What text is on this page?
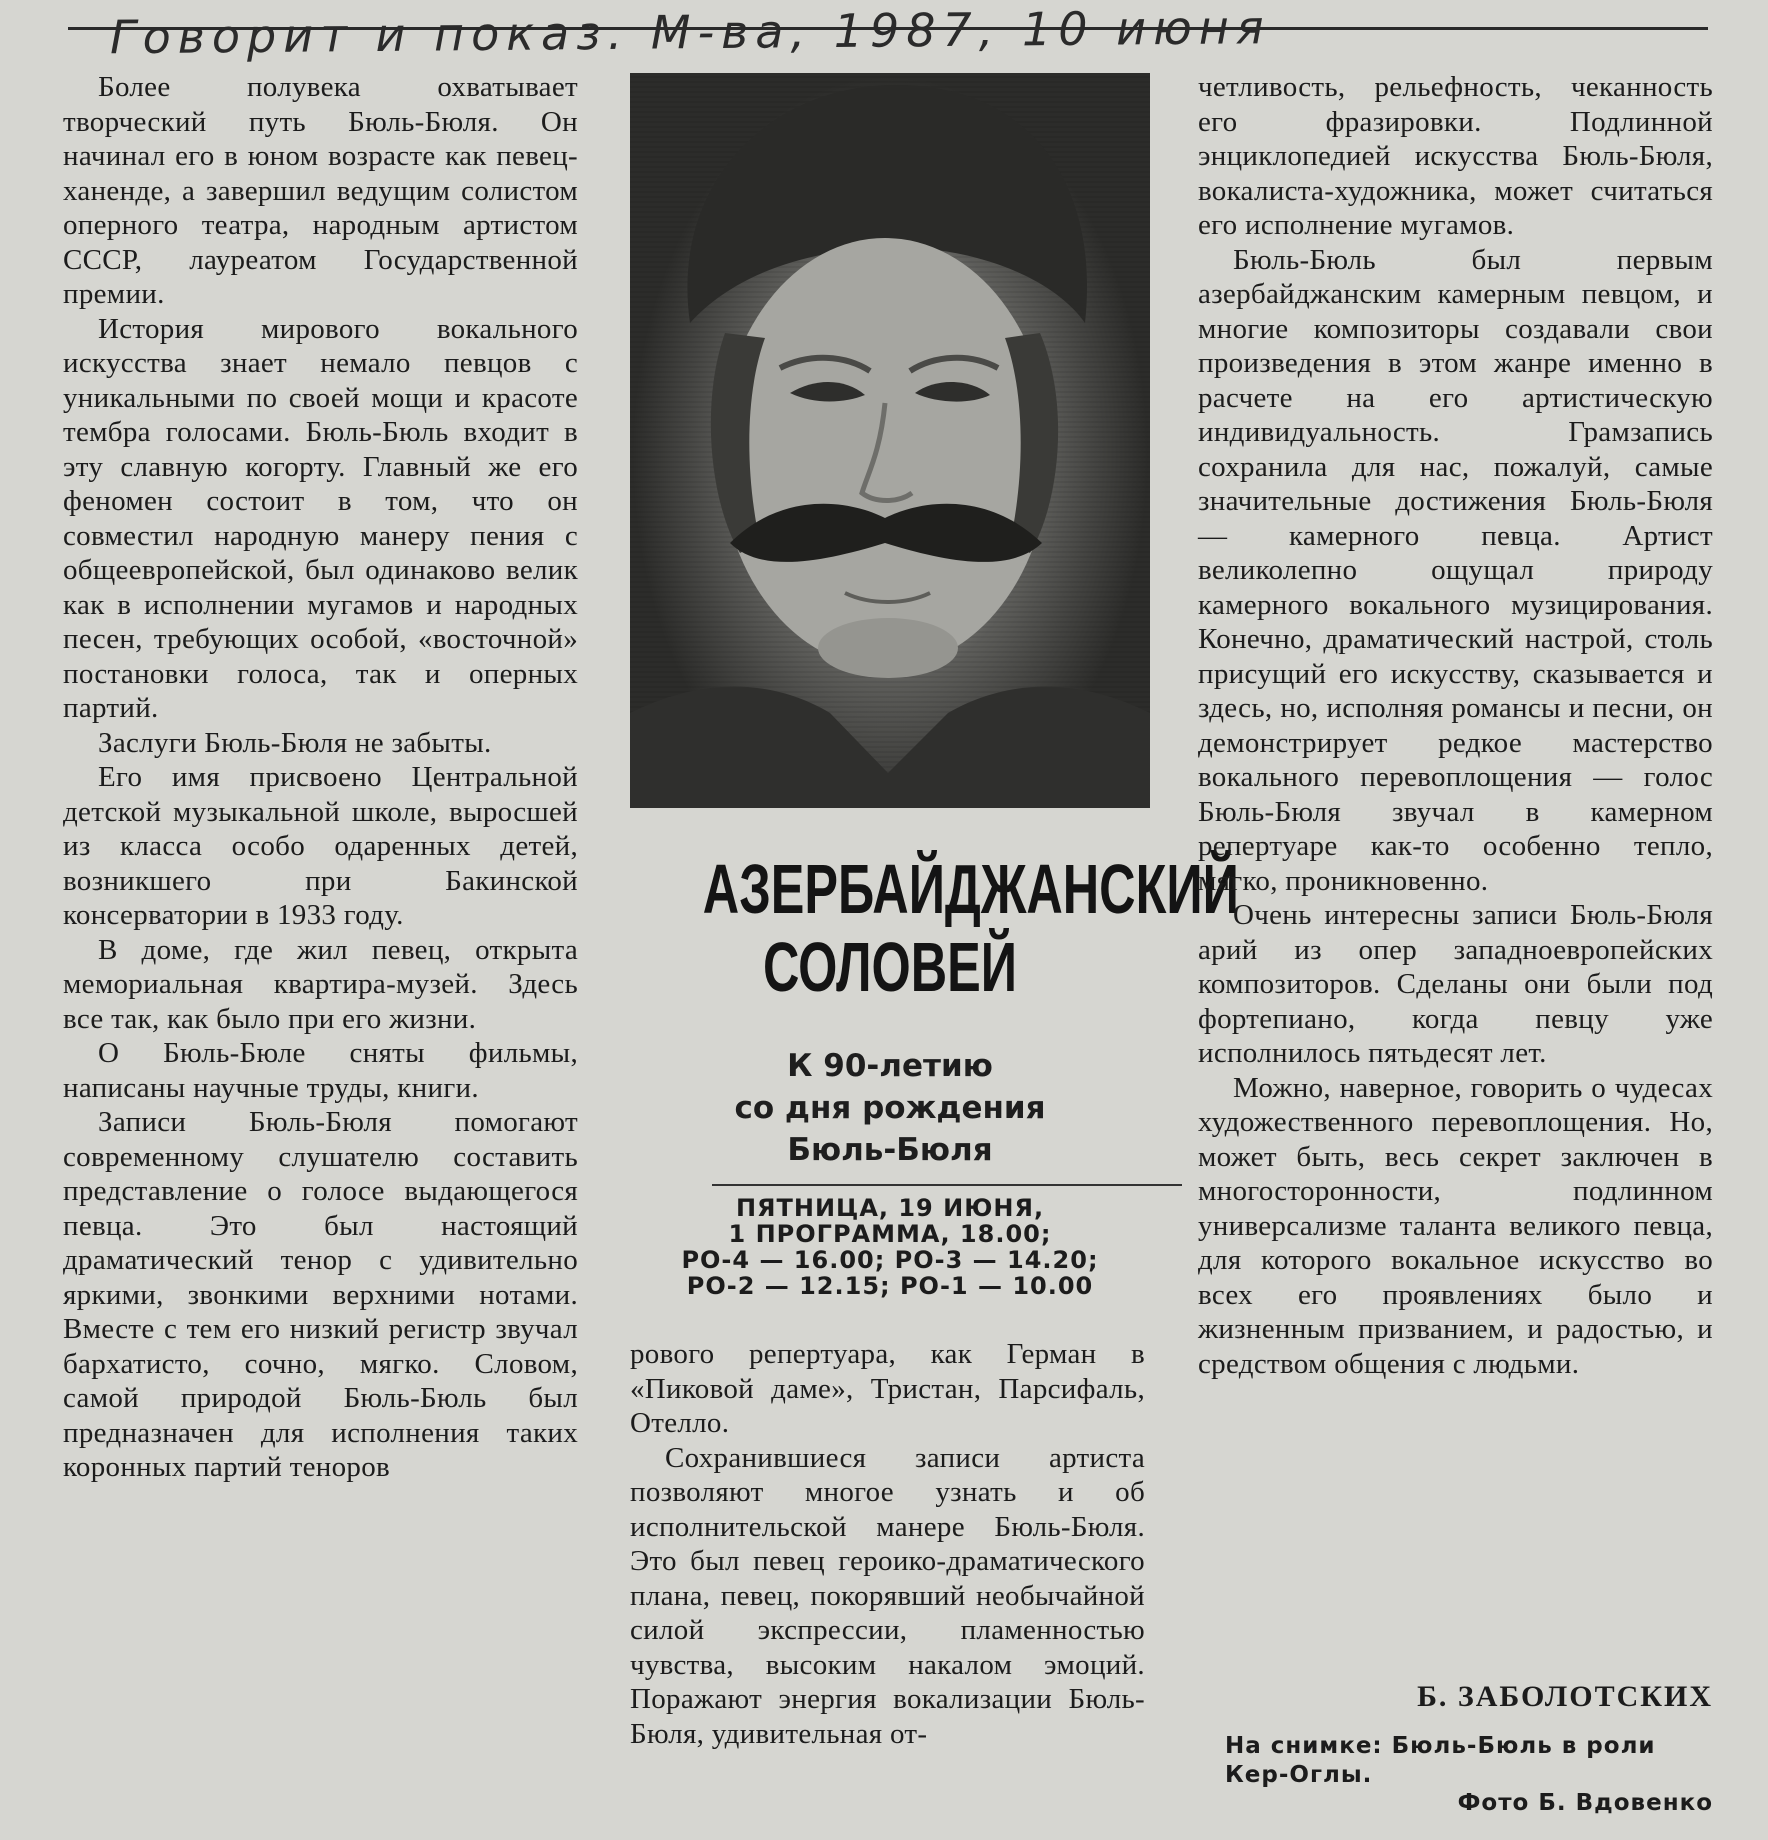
Говорит и показ. М-ва, 1987, 10 июня

Более полувека охватывает творческий путь Бюль-Бюля. Он начинал его в юном возрасте как певец-ханенде, а завершил ведущим солистом оперного театра, народным артистом СССР, лауреатом Государственной премии.

История мирового вокального искусства знает немало певцов с уникальными по своей мощи и красоте тембра голосами. Бюль-Бюль входит в эту славную когорту. Главный же его феномен состоит в том, что он совместил народную манеру пения с общеевропейской, был одинаково велик как в исполнении мугамов и народных песен, требующих особой, «восточной» постановки голоса, так и оперных партий.

Заслуги Бюль-Бюля не забыты.

Его имя присвоено Центральной детской музыкальной школе, выросшей из класса особо одаренных детей, возникшего при Бакинской консерватории в 1933 году.

В доме, где жил певец, открыта мемориальная квартира-музей. Здесь все так, как было при его жизни.

О Бюль-Бюле сняты фильмы, написаны научные труды, книги.

Записи Бюль-Бюля помогают современному слушателю составить представление о голосе выдающегося певца. Это был настоящий драматический тенор с удивительно яркими, звонкими верхними нотами. Вместе с тем его низкий регистр звучал бархатисто, сочно, мягко. Словом, самой природой Бюль-Бюль был предназначен для исполнения таких коронных партий теноров

АЗЕРБАЙДЖАНСКИЙ
СОЛОВЕЙ
К 90-летию
со дня рождения
Бюль-Бюля
ПЯТНИЦА, 19 ИЮНЯ,
1 ПРОГРАММА, 18.00;
РО-4 — 16.00; РО-3 — 14.20;
РО-2 — 12.15; РО-1 — 10.00

рового репертуара, как Герман в «Пиковой даме», Тристан, Парсифаль, Отелло.

Сохранившиеся записи артиста позволяют многое узнать и об исполнительской манере Бюль-Бюля. Это был певец героико-драматического плана, певец, покорявший необычайной силой экспрессии, пламенностью чувства, высоким накалом эмоций. Поражают энергия вокализации Бюль-Бюля, удивительная от-

четливость, рельефность, чеканность его фразировки. Подлинной энциклопедией искусства Бюль-Бюля, вокалиста-художника, может считаться его исполнение мугамов.

Бюль-Бюль был первым азербайджанским камерным певцом, и многие композиторы создавали свои произведения в этом жанре именно в расчете на его артистическую индивидуальность. Грамзапись сохранила для нас, пожалуй, самые значительные достижения Бюль-Бюля — камерного певца. Артист великолепно ощущал природу камерного вокального музицирования. Конечно, драматический настрой, столь присущий его искусству, сказывается и здесь, но, исполняя романсы и песни, он демонстрирует редкое мастерство вокального перевоплощения — голос Бюль-Бюля звучал в камерном репертуаре как-то особенно тепло, мягко, проникновенно.

Очень интересны записи Бюль-Бюля арий из опер западноевропейских композиторов. Сделаны они были под фортепиано, когда певцу уже исполнилось пятьдесят лет.

Можно, наверное, говорить о чудесах художественного перевоплощения. Но, может быть, весь секрет заключен в многосторонности, подлинном универсализме таланта великого певца, для которого вокальное искусство во всех его проявлениях было и жизненным призванием, и радостью, и средством общения с людьми.

Б. ЗАБОЛОТСКИХ
На снимке: Бюль-Бюль в роли Кер-Оглы.
Фото Б. Вдовенко
